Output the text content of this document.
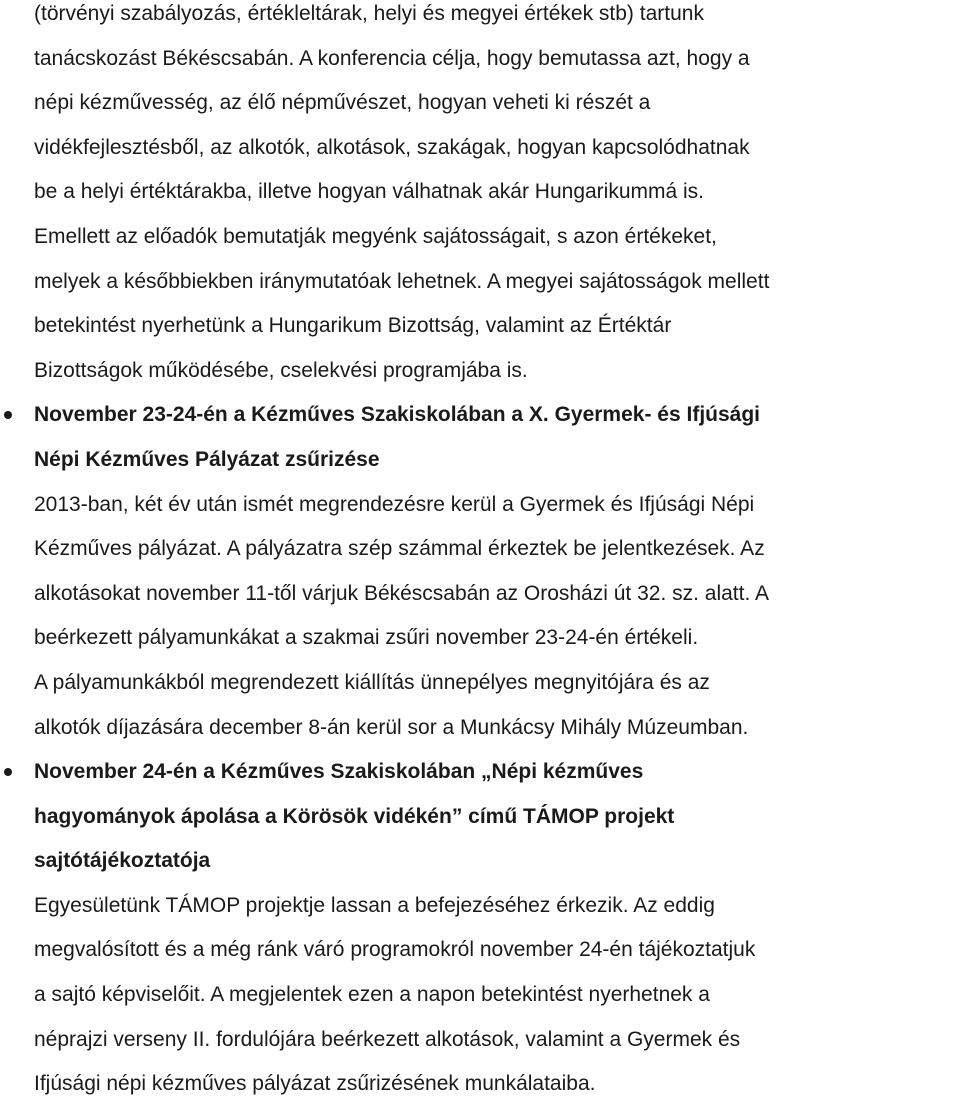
(törvényi szabályozás, értékleltárak, helyi és megyei értékek stb) tartunk
tanácskozást Békéscsabán. A konferencia célja, hogy bemutassa azt, hogy a
népi kézművesség, az élő népművészet, hogyan veheti ki részét a
vidékfejlesztésből, az alkotók, alkotások, szakágak, hogyan kapcsolódhatnak
be a helyi értéktárakba, illetve hogyan válhatnak akár Hungarikummá is.
Emellett az előadók bemutatják megyénk sajátosságait, s azon értékeket,
melyek a későbbiekben iránymutatóak lehetnek. A megyei sajátosságok mellett
betekintést nyerhetünk a Hungarikum Bizottság, valamint az Értéktár
Bizottságok működésébe, cselekvési programjába is.
November 23-24-én a Kézműves Szakiskolában a X. Gyermek- és Ifjúsági
Népi Kézműves Pályázat zsűrizése
2013-ban, két év után ismét megrendezésre kerül a Gyermek és Ifjúsági Népi
Kézműves pályázat. A pályázatra szép számmal érkeztek be jelentkezések. Az
alkotásokat november 11-től várjuk Békéscsabán az Orosházi út 32. sz. alatt. A
beérkezett pályamunkákat a szakmai zsűri november 23-24-én értékeli.
A pályamunkákból megrendezett kiállítás ünnepélyes megnyitójára és az
alkotók díjazására december 8-án kerül sor a Munkácsy Mihály Múzeumban.
November 24-én a Kézműves Szakiskolában „Népi kézműves
hagyományok ápolása a Körösök vidékén” című TÁMOP projekt
sajtótájékoztatója
Egyesületünk TÁMOP projektje lassan a befejezéséhez érkezik. Az eddig
megvalósított és a még ránk váró programokról november 24-én tájékoztatjuk
a sajtó képviselőit. A megjelentek ezen a napon betekintést nyerhetnek a
néprajzi verseny II. fordulójára beérkezett alkotások, valamint a Gyermek és
Ifjúsági népi kézműves pályázat zsűrizésének munkálataiba.
